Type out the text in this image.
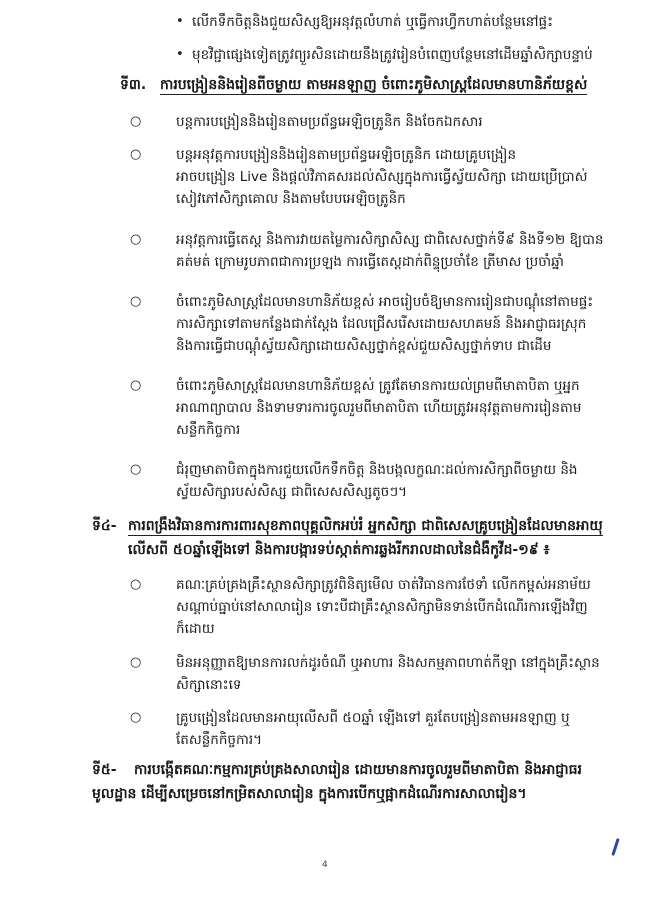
• លើកទឹកចិត្តនិងជួយសិស្សឱ្យអនុវត្តលំហាត់ ឬធ្វើការហ្វឹកហាត់បន្ថែមនៅផ្ទះ
• មុខវិជ្ជាផ្សេងទៀតត្រូវព្យួរសិនដោយនឹងត្រូវរៀនបំពេញបន្ថែមនៅដើមឆ្នាំសិក្សាបន្ទាប់
ទី៣. ការបង្រៀននិងរៀនពីចម្ងាយ តាមអនឡាញ ចំពោះភូមិសាស្ត្រដែលមានហានិភ័យខ្ពស់
○	បន្តការបង្រៀននិងរៀនតាមប្រព័ន្ធអេឡិចត្រូនិក និងចែកឯកសារ
○	បន្តអនុវត្តការបង្រៀននិងរៀនតាមប្រព័ន្ធអេឡិចត្រូនិក ដោយគ្រូបង្រៀន
អាចបង្រៀន Live និងផ្ដល់វិភាគសរដល់សិស្សក្នុងការធ្វើស្វ័យសិក្សា ដោយប្រើប្រាស់
សៀវភៅសិក្សាគោល និងតាមបែបអេឡិចត្រូនិក
○	អនុវត្តការធ្វើតេស្ត និងការវាយតម្លៃការសិក្សាសិស្ស ជាពិសេសថ្នាក់ទី៩ និងទី១២ ឱ្យបាន
គត់មត់ ក្រោមរូបភាពជាការប្រឡង ការធ្វើតេស្តដាក់ពិន្ទុប្រចាំខែ ត្រីមាស ប្រចាំឆ្នាំ
○	ចំពោះភូមិសាស្ត្រដែលមានហានិភ័យខ្ពស់ អាចរៀបចំឱ្យមានការរៀនជាបណ្តុំនៅតាមផ្ទះ
ការសិក្សាទៅតាមកន្លែងជាក់ស្តែង ដែលជ្រើសរើសដោយសហគមន៍ និងអាជ្ញាធរស្រុក
និងការធ្វើជាបណ្តុំស្វ័យសិក្សាដោយសិស្សថ្នាក់ខ្ពស់ជួយសិស្សថ្នាក់ទាប ជាដើម
○	ចំពោះភូមិសាស្ត្រដែលមានហានិភ័យខ្ពស់ ត្រូវតែមានការយល់ព្រមពីមាតាបិតា ឬអ្នក
អាណាព្យាបាល និងទាមទារការចូលរួមពីមាតាបិតា ហើយត្រូវអនុវត្តតាមការរៀនតាម
សន្លឹកកិច្ចការ
○	ជំរុញមាតាបិតាក្នុងការជួយលើកទឹកចិត្ត និងបង្កលក្ខណៈដល់ការសិក្សាពីចម្ងាយ និង
ស្វ័យសិក្សារបស់សិស្ស ជាពិសេសសិស្សតូចៗ។
ទី៤- ការពង្រឹងវិធានការការពារសុខភាពបុគ្គលិកអប់រំ អ្នកសិក្សា ជាពិសេសគ្រូបង្រៀនដែលមានអាយុ
លើសពី ៥០ឆ្នាំឡើងទៅ និងការបង្ការទប់ស្កាត់ការឆ្លងរីករាលដាលនៃជំងឺកូវីដ-១៩ ៖
○	គណៈគ្រប់គ្រងគ្រឹះស្ថានសិក្សាត្រូវពិនិត្យមើល ចាត់វិធានការថែទាំ លើកកម្ពស់អនាម័យ
សណ្តាប់ធ្នាប់នៅសាលារៀន ទោះបីជាគ្រឹះស្ថានសិក្សាមិនទាន់បើកដំណើរការឡើងវិញ
ក៏ដោយ
○	មិនអនុញ្ញាតឱ្យមានការលក់ដូរចំណី ឬអាហារ និងសកម្មភាពហាត់កីឡា នៅក្នុងគ្រឹះស្ថាន
សិក្សានោះទេ
○	គ្រូបង្រៀនដែលមានអាយុលើសពី ៥០ឆ្នាំ ឡើងទៅ គួរតែបង្រៀនតាមអនឡាញ ឬ
តែសន្លឹកកិច្ចការ។
ទី៥- ការបង្កើតគណៈកម្មការគ្រប់គ្រងសាលារៀន ដោយមានការចូលរួមពីមាតាបិតា និងអាជ្ញាធរ
មូលដ្ឋាន ដើម្បីសម្រេចនៅកម្រិតសាលារៀន ក្នុងការបើកឬផ្អាកដំណើរការសាលារៀន។
4
